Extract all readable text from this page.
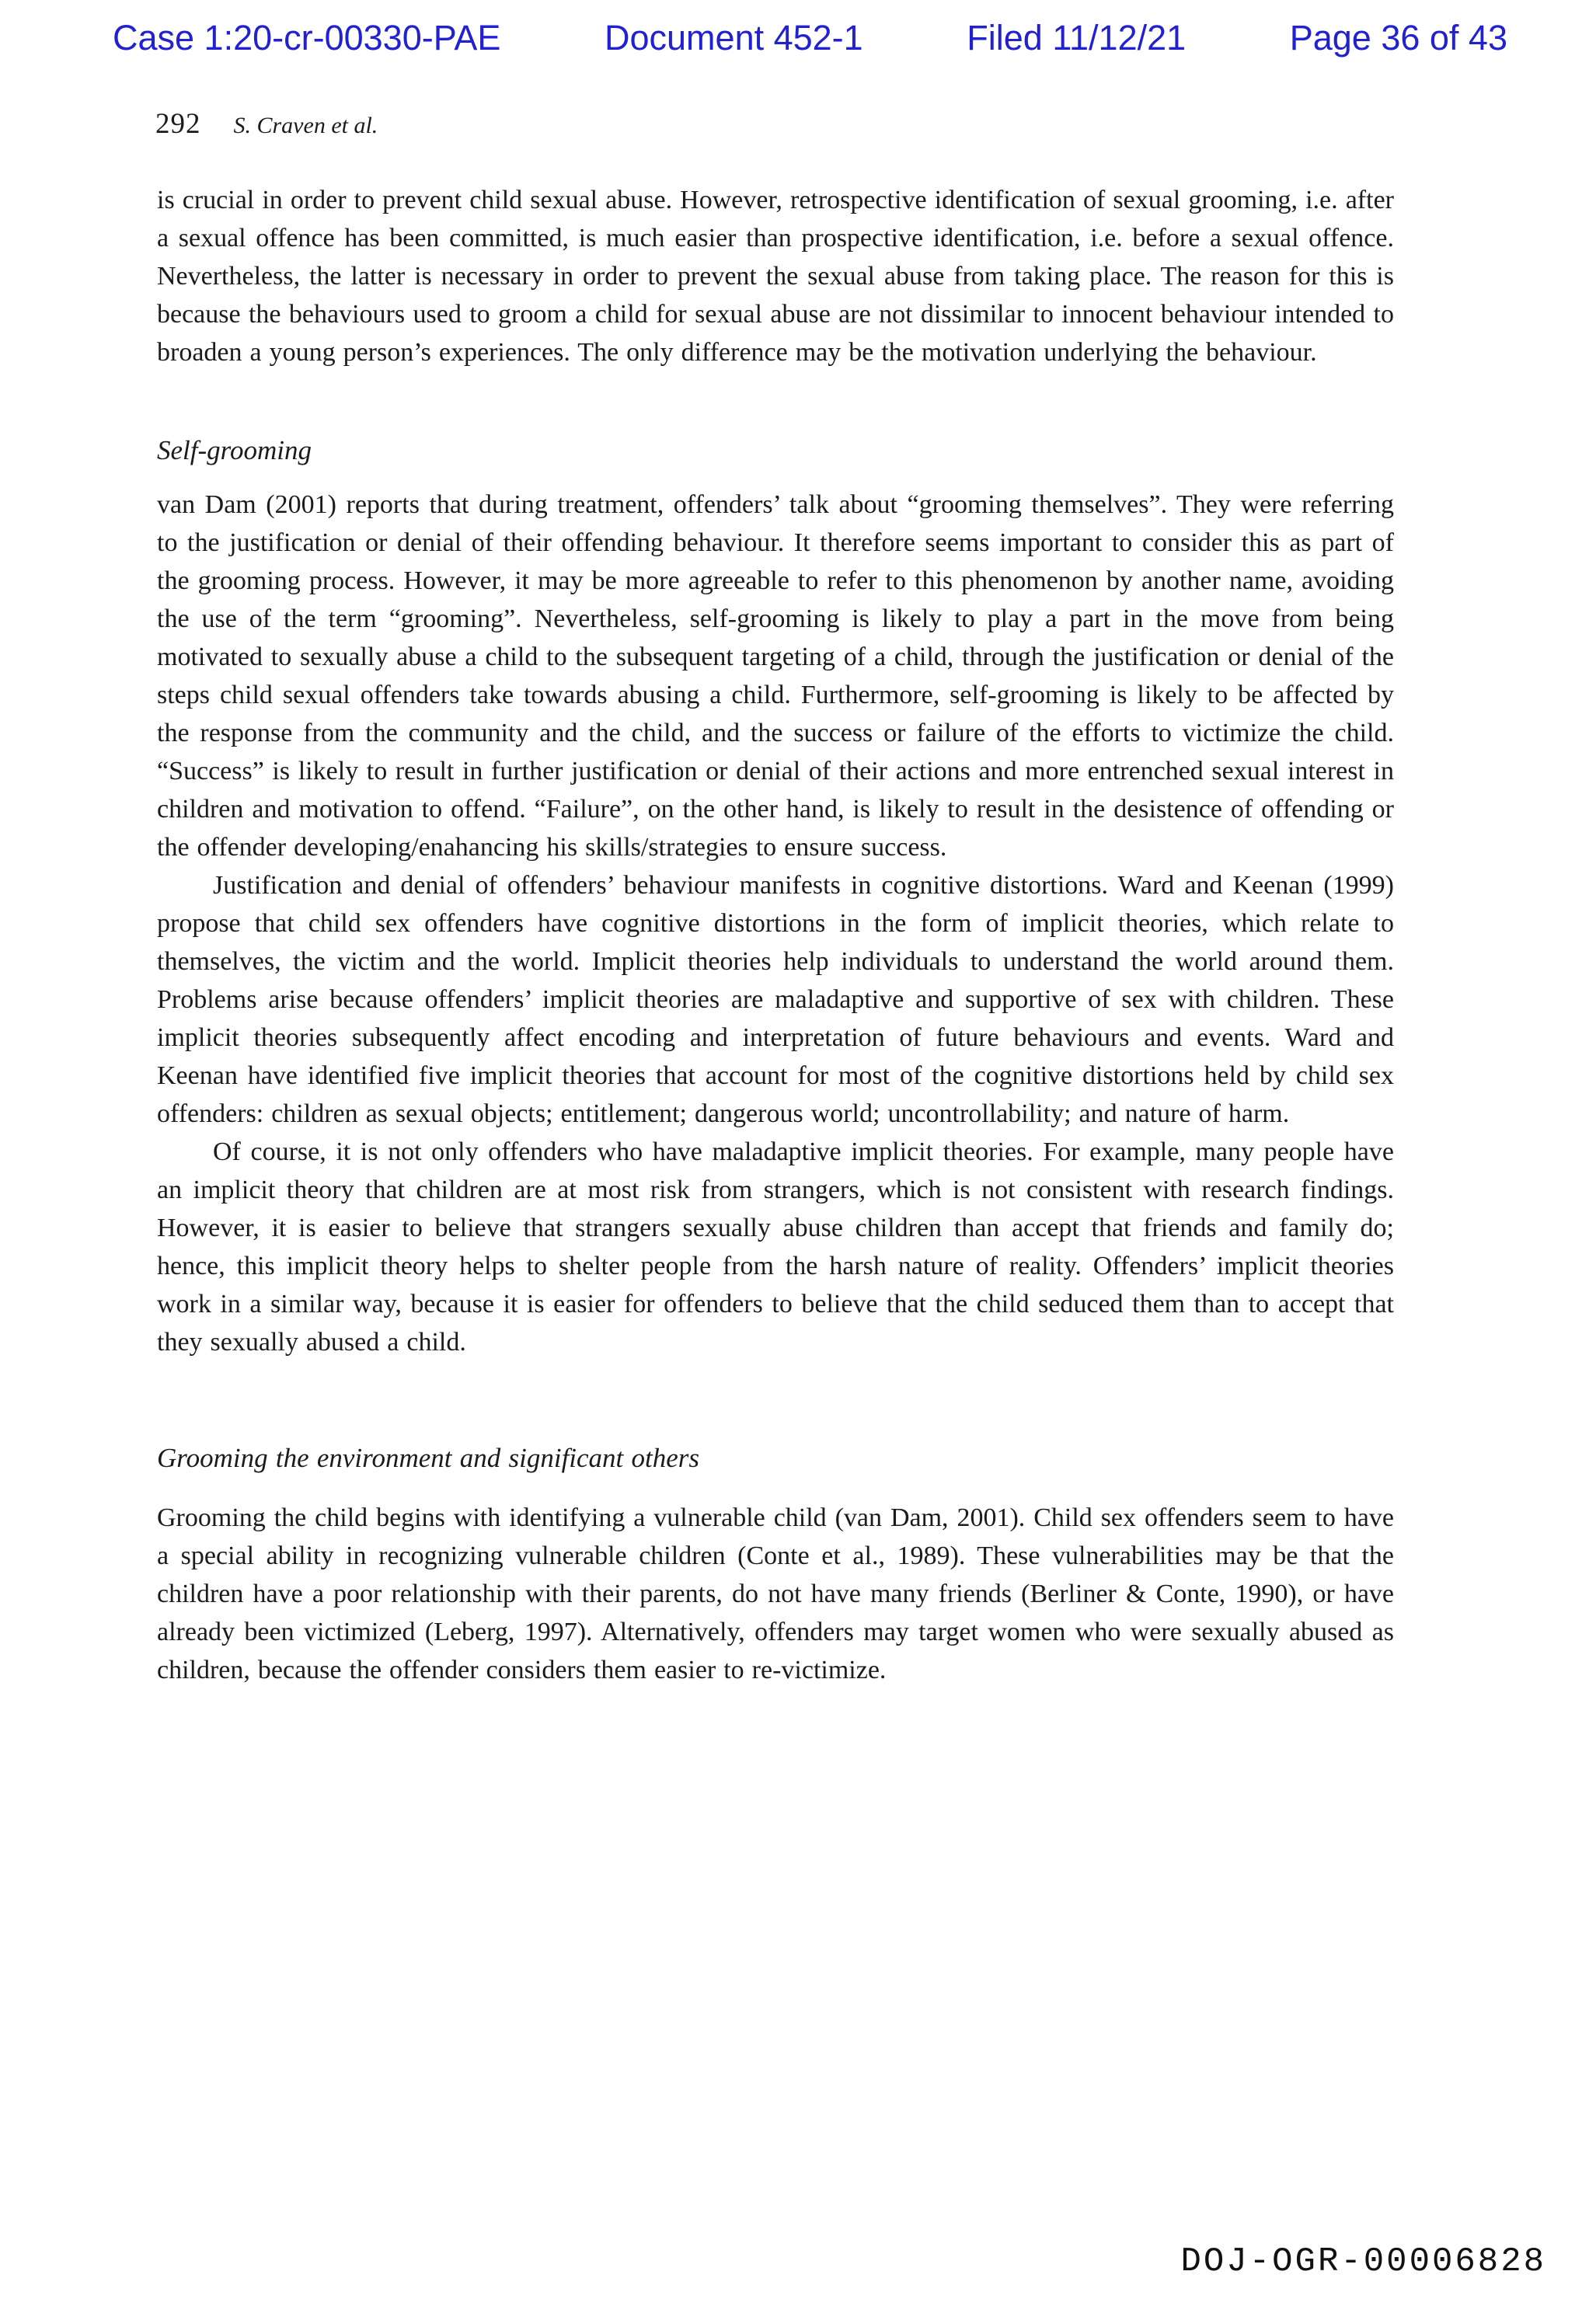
Case 1:20-cr-00330-PAE	Document 452-1	Filed 11/12/21	Page 36 of 43
292 S. Craven et al.

is crucial in order to prevent child sexual abuse. However, retrospective identification of sexual grooming, i.e. after a sexual offence has been committed, is much easier than prospective identification, i.e. before a sexual offence. Nevertheless, the latter is necessary in order to prevent the sexual abuse from taking place. The reason for this is because the behaviours used to groom a child for sexual abuse are not dissimilar to innocent behaviour intended to broaden a young person’s experiences. The only difference may be the motivation underlying the behaviour.

Self-grooming

van Dam (2001) reports that during treatment, offenders’ talk about “grooming themselves”. They were referring to the justification or denial of their offending behaviour. It therefore seems important to consider this as part of the grooming process. However, it may be more agreeable to refer to this phenomenon by another name, avoiding the use of the term “grooming”. Nevertheless, self-grooming is likely to play a part in the move from being motivated to sexually abuse a child to the subsequent targeting of a child, through the justification or denial of the steps child sexual offenders take towards abusing a child. Furthermore, self-grooming is likely to be affected by the response from the community and the child, and the success or failure of the efforts to victimize the child. “Success” is likely to result in further justification or denial of their actions and more entrenched sexual interest in children and motivation to offend. “Failure”, on the other hand, is likely to result in the desistence of offending or the offender developing/enahancing his skills/strategies to ensure success.

Justification and denial of offenders’ behaviour manifests in cognitive distortions. Ward and Keenan (1999) propose that child sex offenders have cognitive distortions in the form of implicit theories, which relate to themselves, the victim and the world. Implicit theories help individuals to understand the world around them. Problems arise because offenders’ implicit theories are maladaptive and supportive of sex with children. These implicit theories subsequently affect encoding and interpretation of future behaviours and events. Ward and Keenan have identified five implicit theories that account for most of the cognitive distortions held by child sex offenders: children as sexual objects; entitlement; dangerous world; uncontrollability; and nature of harm.

Of course, it is not only offenders who have maladaptive implicit theories. For example, many people have an implicit theory that children are at most risk from strangers, which is not consistent with research findings. However, it is easier to believe that strangers sexually abuse children than accept that friends and family do; hence, this implicit theory helps to shelter people from the harsh nature of reality. Offenders’ implicit theories work in a similar way, because it is easier for offenders to believe that the child seduced them than to accept that they sexually abused a child.

Grooming the environment and significant others

Grooming the child begins with identifying a vulnerable child (van Dam, 2001). Child sex offenders seem to have a special ability in recognizing vulnerable children (Conte et al., 1989). These vulnerabilities may be that the children have a poor relationship with their parents, do not have many friends (Berliner & Conte, 1990), or have already been victimized (Leberg, 1997). Alternatively, offenders may target women who were sexually abused as children, because the offender considers them easier to re-victimize.

DOJ-OGR-00006828
